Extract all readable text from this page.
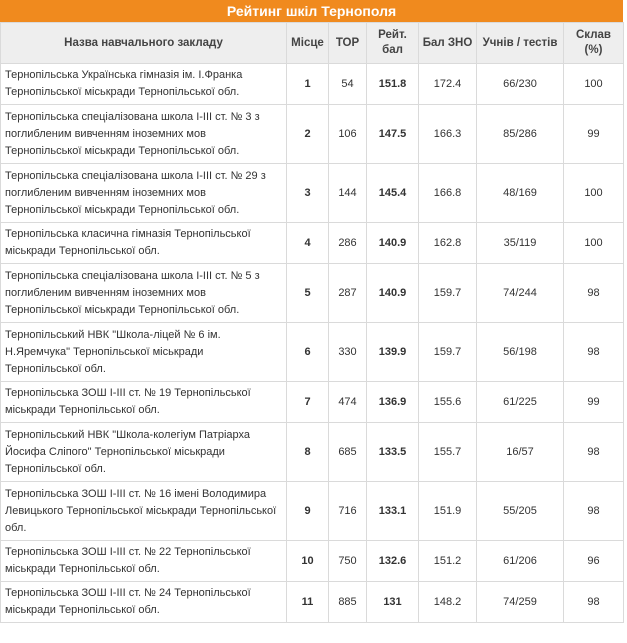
Рейтинг шкіл Тернополя
Назва навчального закладу	Місце	ТОР	Рейт. бал	Бал ЗНО	Учнів / тестів	Склав (%)
Тернопільська Українська гімназія ім. І.Франка Тернопільської міськради Тернопільської обл.	1	54	151.8	172.4	66/230	100
Тернопільська спеціалізована школа І-ІІІ ст. № 3 з поглибленим вивченням іноземних мов Тернопільської міськради Тернопільської обл.	2	106	147.5	166.3	85/286	99
Тернопільська спеціалізована школа І-ІІІ ст. № 29 з поглибленим вивченням іноземних мов Тернопільської міськради Тернопільської обл.	3	144	145.4	166.8	48/169	100
Тернопільська класична гімназія Тернопільської міськради Тернопільської обл.	4	286	140.9	162.8	35/119	100
Тернопільська спеціалізована школа І-ІІІ ст. № 5 з поглибленим вивченням іноземних мов Тернопільської міськради Тернопільської обл.	5	287	140.9	159.7	74/244	98
Тернопільський НВК "Школа-ліцей № 6 ім. Н.Яремчука" Тернопільської міськради Тернопільської обл.	6	330	139.9	159.7	56/198	98
Тернопільська ЗОШ І-ІІІ ст. № 19 Тернопільської міськради Тернопільської обл.	7	474	136.9	155.6	61/225	99
Тернопільський НВК "Школа-колегіум Патріарха Йосифа Сліпого" Тернопільської міськради Тернопільської обл.	8	685	133.5	155.7	16/57	98
Тернопільська ЗОШ І-ІІІ ст. № 16 імені Володимира Левицького Тернопільської міськради Тернопільської обл.	9	716	133.1	151.9	55/205	98
Тернопільська ЗОШ І-ІІІ ст. № 22 Тернопільської міськради Тернопільської обл.	10	750	132.6	151.2	61/206	96
Тернопільська ЗОШ І-ІІІ ст. № 24 Тернопільської міськради Тернопільської обл.	11	885	131	148.2	74/259	98
